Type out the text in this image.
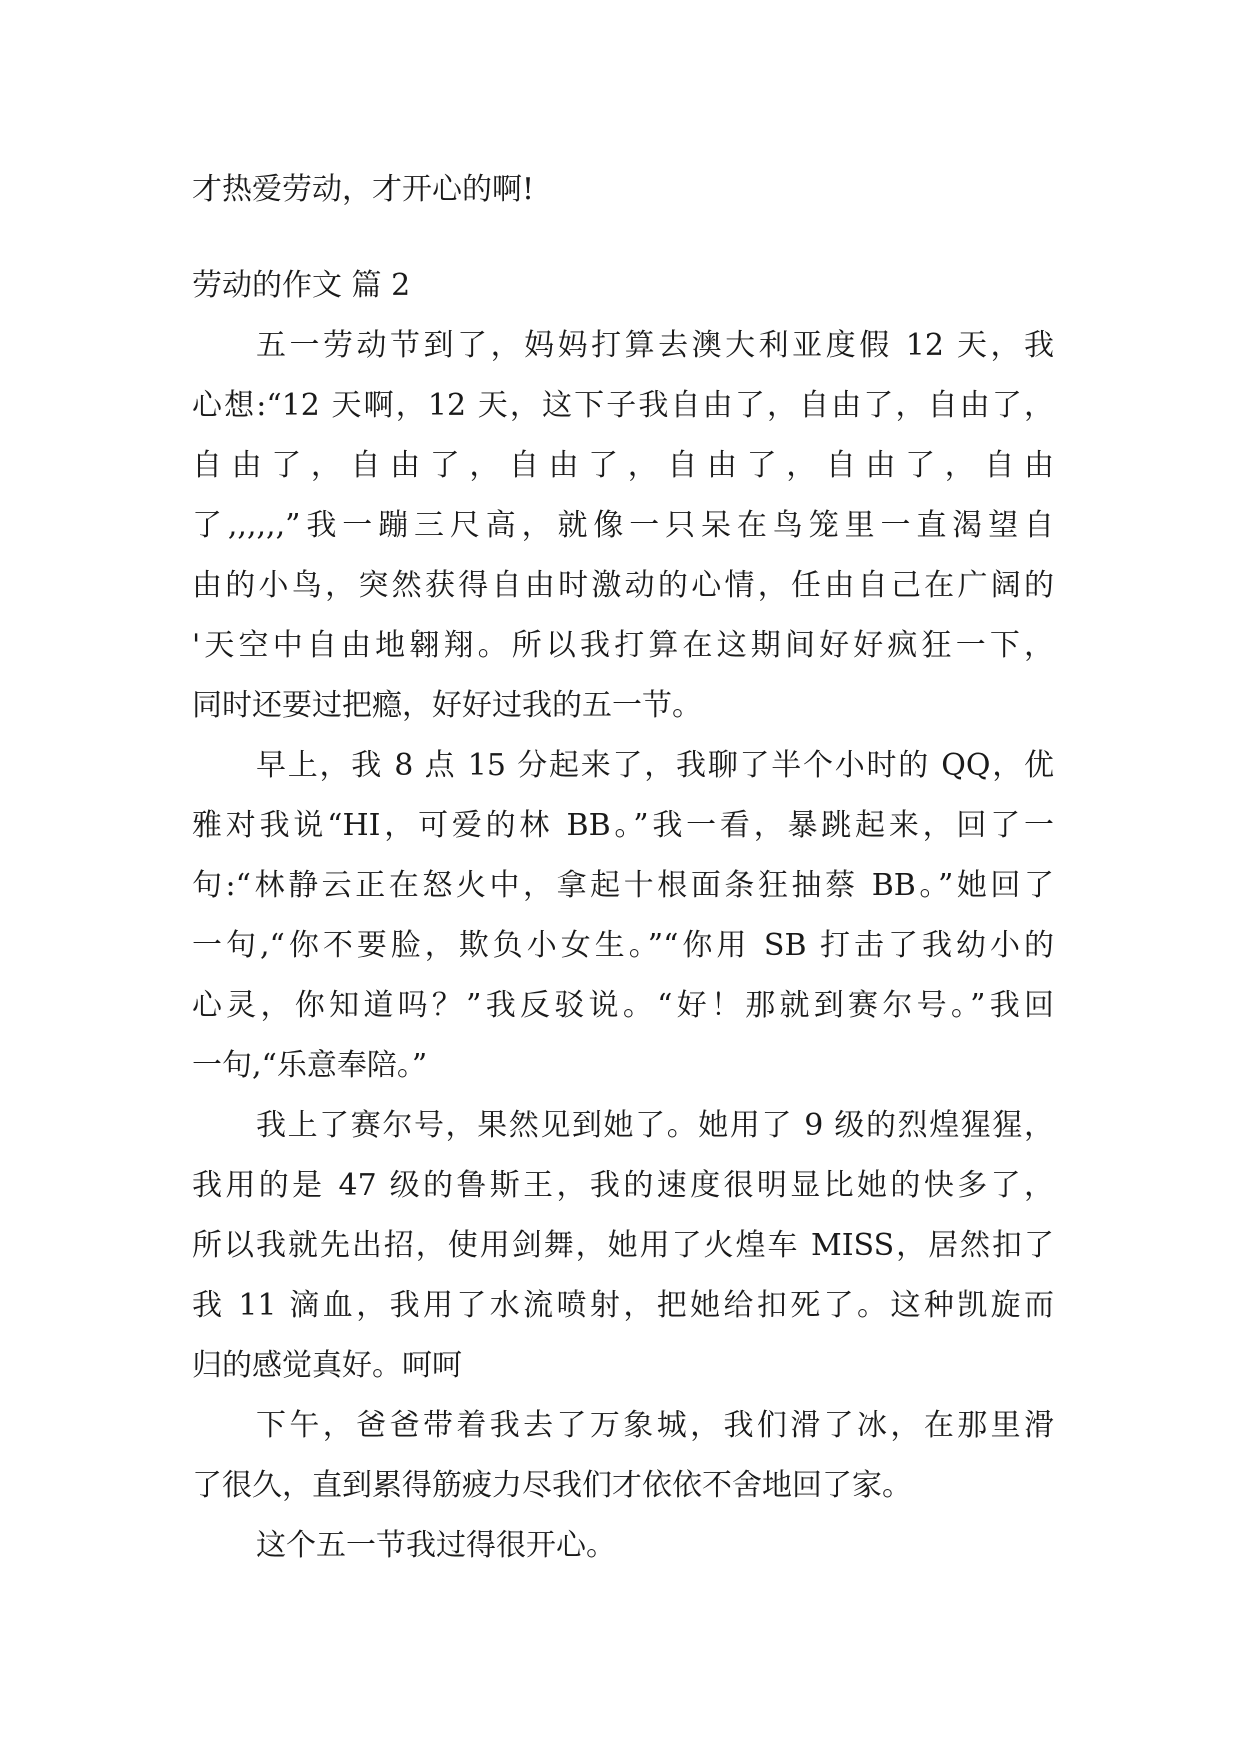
才热爱劳动，才开心的啊!

劳动的作文 篇 2

五一劳动节到了，妈妈打算去澳大利亚度假 12 天，我

心想:“12 天啊，12 天，这下子我自由了，自由了，自由了，

自 由 了 ， 自 由 了 ， 自 由 了 ， 自 由 了 ， 自 由 了 ， 自 由

了,,,,,,”我一蹦三尺高，就像一只呆在鸟笼里一直渴望自

由的小鸟，突然获得自由时激动的心情，任由自己在广阔的

'天空中自由地翱翔。所以我打算在这期间好好疯狂一下，

同时还要过把瘾，好好过我的五一节。

早上，我 8 点 15 分起来了，我聊了半个小时的 QQ，优

雅对我说“HI，可爱的林 BB。”我一看，暴跳起来，回了一

句:“林静云正在怒火中，拿起十根面条狂抽蔡 BB。”她回了

一句,“你不要脸，欺负小女生。”“你用 SB 打击了我幼小的

心灵，你知道吗？”我反驳说。“好！那就到赛尔号。”我回

一句,“乐意奉陪。”

我上了赛尔号，果然见到她了。她用了 9 级的烈煌猩猩，

我用的是 47 级的鲁斯王，我的速度很明显比她的快多了，

所以我就先出招，使用剑舞，她用了火煌车 MISS，居然扣了

我 11 滴血，我用了水流喷射，把她给扣死了。这种凯旋而

归的感觉真好。呵呵

下午，爸爸带着我去了万象城，我们滑了冰，在那里滑

了很久，直到累得筋疲力尽我们才依依不舍地回了家。

这个五一节我过得很开心。
